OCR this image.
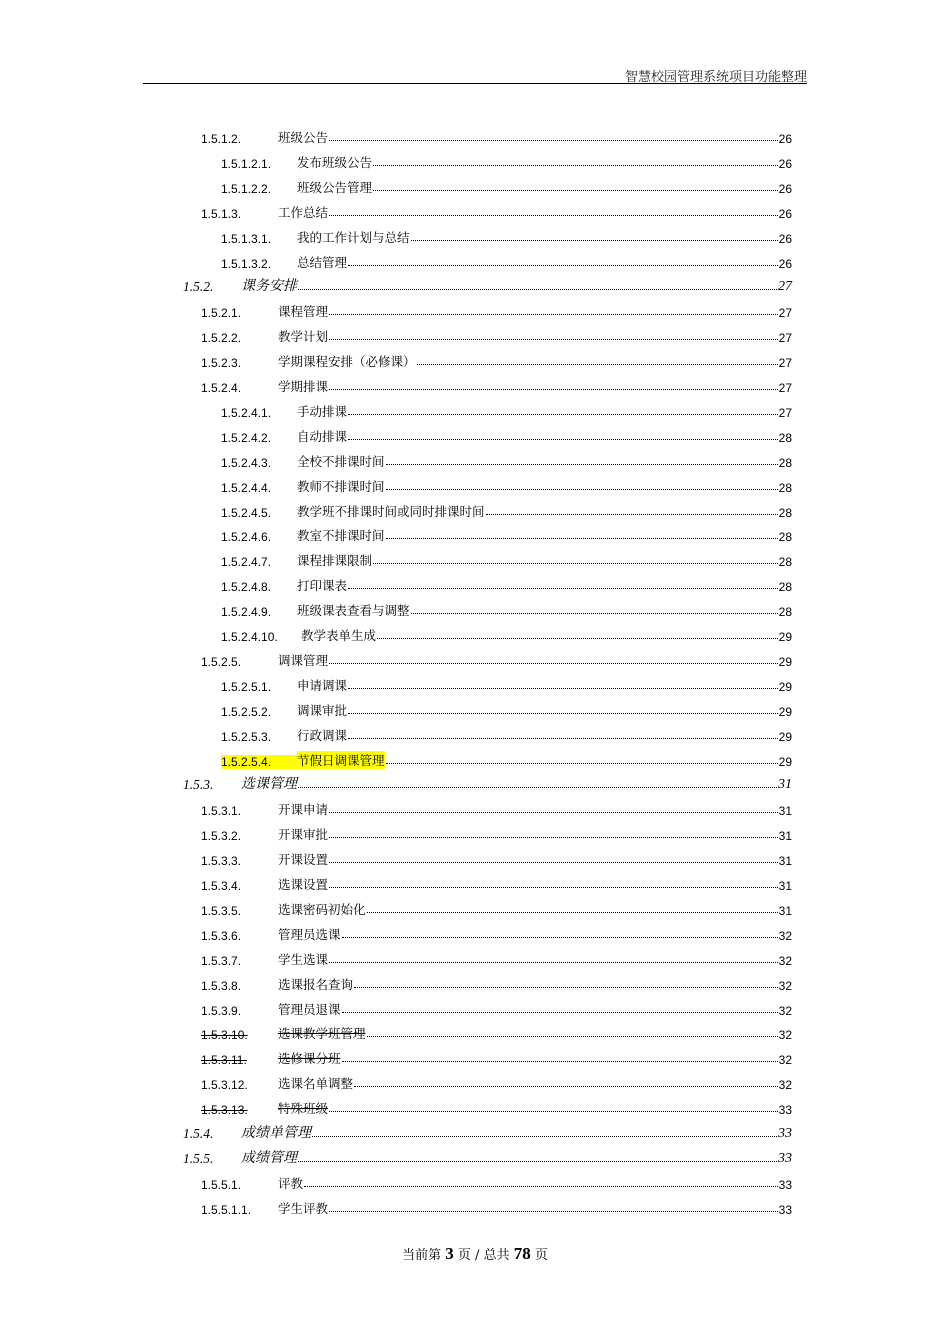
智慧校园管理系统项目功能整理
1.5.1.2.	班级公告	26
1.5.1.2.1.	发布班级公告	26
1.5.1.2.2.	班级公告管理	26
1.5.1.3.	工作总结	26
1.5.1.3.1.	我的工作计划与总结	26
1.5.1.3.2.	总结管理	26
1.5.2.	课务安排	27
1.5.2.1.	课程管理	27
1.5.2.2.	教学计划	27
1.5.2.3.	学期课程安排（必修课）	27
1.5.2.4.	学期排课	27
1.5.2.4.1.	手动排课	27
1.5.2.4.2.	自动排课	28
1.5.2.4.3.	全校不排课时间	28
1.5.2.4.4.	教师不排课时间	28
1.5.2.4.5.	教学班不排课时间或同时排课时间	28
1.5.2.4.6.	教室不排课时间	28
1.5.2.4.7.	课程排课限制	28
1.5.2.4.8.	打印课表	28
1.5.2.4.9.	班级课表查看与调整	28
1.5.2.4.10.	教学表单生成	29
1.5.2.5.	调课管理	29
1.5.2.5.1.	申请调课	29
1.5.2.5.2.	调课审批	29
1.5.2.5.3.	行政调课	29
1.5.2.5.4.	节假日调课管理	29
1.5.3.	选课管理	31
1.5.3.1.	开课申请	31
1.5.3.2.	开课审批	31
1.5.3.3.	开课设置	31
1.5.3.4.	选课设置	31
1.5.3.5.	选课密码初始化	31
1.5.3.6.	管理员选课	32
1.5.3.7.	学生选课	32
1.5.3.8.	选课报名查询	32
1.5.3.9.	管理员退课	32
1.5.3.10.	选课教学班管理	32
1.5.3.11.	选修课分班	32
1.5.3.12.	选课名单调整	32
1.5.3.13.	特殊班级	33
1.5.4.	成绩单管理	33
1.5.5.	成绩管理	33
1.5.5.1.	评教	33
1.5.5.1.1.	学生评教	33
当前第 3 页 / 总共 78 页
